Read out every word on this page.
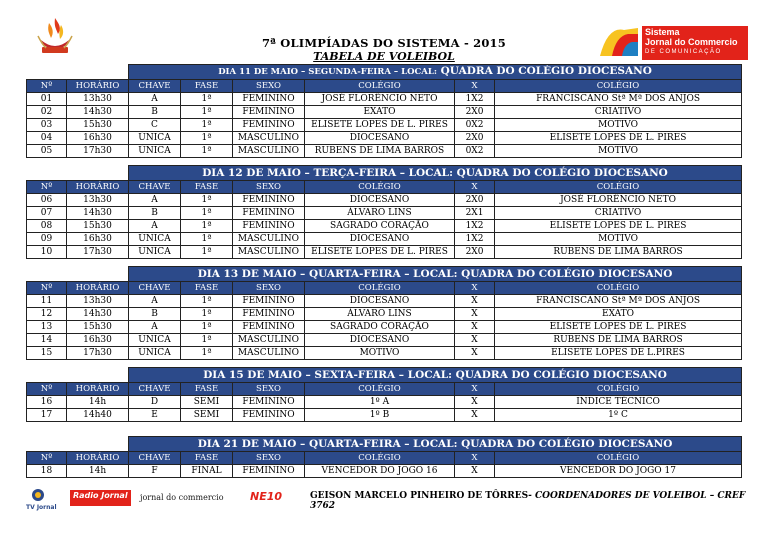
7ª OLIMPÍADAS DO SISTEMA - 2015
TABELA DE VOLEIBOL
Sistema
Jornal do Commercio
DE COMUNICAÇÃO
		DIA 11 DE MAIO – SEGUNDA-FEIRA – LOCAL: QUADRA DO COLÉGIO DIOCESANO					
Nº	HORÁRIO	CHAVE	FASE	SEXO	COLÉGIO	X	COLÉGIO
01	13h30	A	1ª	FEMININO	JOSÉ FLORÊNCIO NETO	1X2	FRANCISCANO Stª Mª DOS ANJOS
02	14h30	B	1ª	FEMININO	EXATO	2X0	CRIATIVO
03	15h30	C	1ª	FEMININO	ELISETE LOPES DE L. PIRES	0X2	MOTIVO
04	16h30	ÚNICA	1ª	MASCULINO	DIOCESANO	2X0	ELISETE LOPES DE L. PIRES
05	17h30	ÚNICA	1ª	MASCULINO	RUBENS DE LIMA BARROS	0X2	MOTIVO
		DIA 12 DE MAIO – TERÇA-FEIRA – LOCAL: QUADRA DO COLÉGIO DIOCESANO					
Nº	HORÁRIO	CHAVE	FASE	SEXO	COLÉGIO	X	COLÉGIO
06	13h30	A	1ª	FEMININO	DIOCESANO	2X0	JOSÉ FLORÊNCIO NETO
07	14h30	B	1ª	FEMININO	ÁLVARO LINS	2X1	CRIATIVO
08	15h30	A	1ª	FEMININO	SAGRADO CORAÇÃO	1X2	ELISETE LOPES DE L. PIRES
09	16h30	ÚNICA	1ª	MASCULINO	DIOCESANO	1X2	MOTIVO
10	17h30	ÚNICA	1ª	MASCULINO	ELISETE LOPES DE L. PIRES	2X0	RUBENS DE LIMA BARROS
		DIA 13 DE MAIO – QUARTA-FEIRA – LOCAL: QUADRA DO COLÉGIO DIOCESANO					
Nº	HORÁRIO	CHAVE	FASE	SEXO	COLÉGIO	X	COLÉGIO
11	13h30	A	1ª	FEMININO	DIOCESANO	X	FRANCISCANO Stª Mª DOS ANJOS
12	14h30	B	1ª	FEMININO	ÁLVARO LINS	X	EXATO
13	15h30	A	1ª	FEMININO	SAGRADO CORAÇÃO	X	ELISETE LOPES DE L. PIRES
14	16h30	ÚNICA	1ª	MASCULINO	DIOCESANO	X	RUBENS DE LIMA BARROS
15	17h30	ÚNICA	1ª	MASCULINO	MOTIVO	X	ELISETE LOPES DE L.PIRES
		DIA 15 DE MAIO – SEXTA-FEIRA – LOCAL: QUADRA DO COLÉGIO DIOCESANO					
Nº	HORÁRIO	CHAVE	FASE	SEXO	COLÉGIO	X	COLÉGIO
16	14h	D	SEMI	FEMININO	1º A	X	INDICE TÉCNICO
17	14h40	E	SEMI	FEMININO	1º B	X	1º C
		DIA 21 DE MAIO – QUARTA-FEIRA – LOCAL: QUADRA DO COLÉGIO DIOCESANO					
Nº	HORÁRIO	CHAVE	FASE	SEXO	COLÉGIO	X	COLÉGIO
18	14h	F	FINAL	FEMININO	VENCEDOR DO JOGO 16	X	VENCEDOR DO JOGO 17
TV Jornal
Radio Jornal	jornal do commercio NE10	GEISON MARCELO PINHEIRO DE TÔRRES- COORDENADORES DE VOLEIBOL – CREF 3762
